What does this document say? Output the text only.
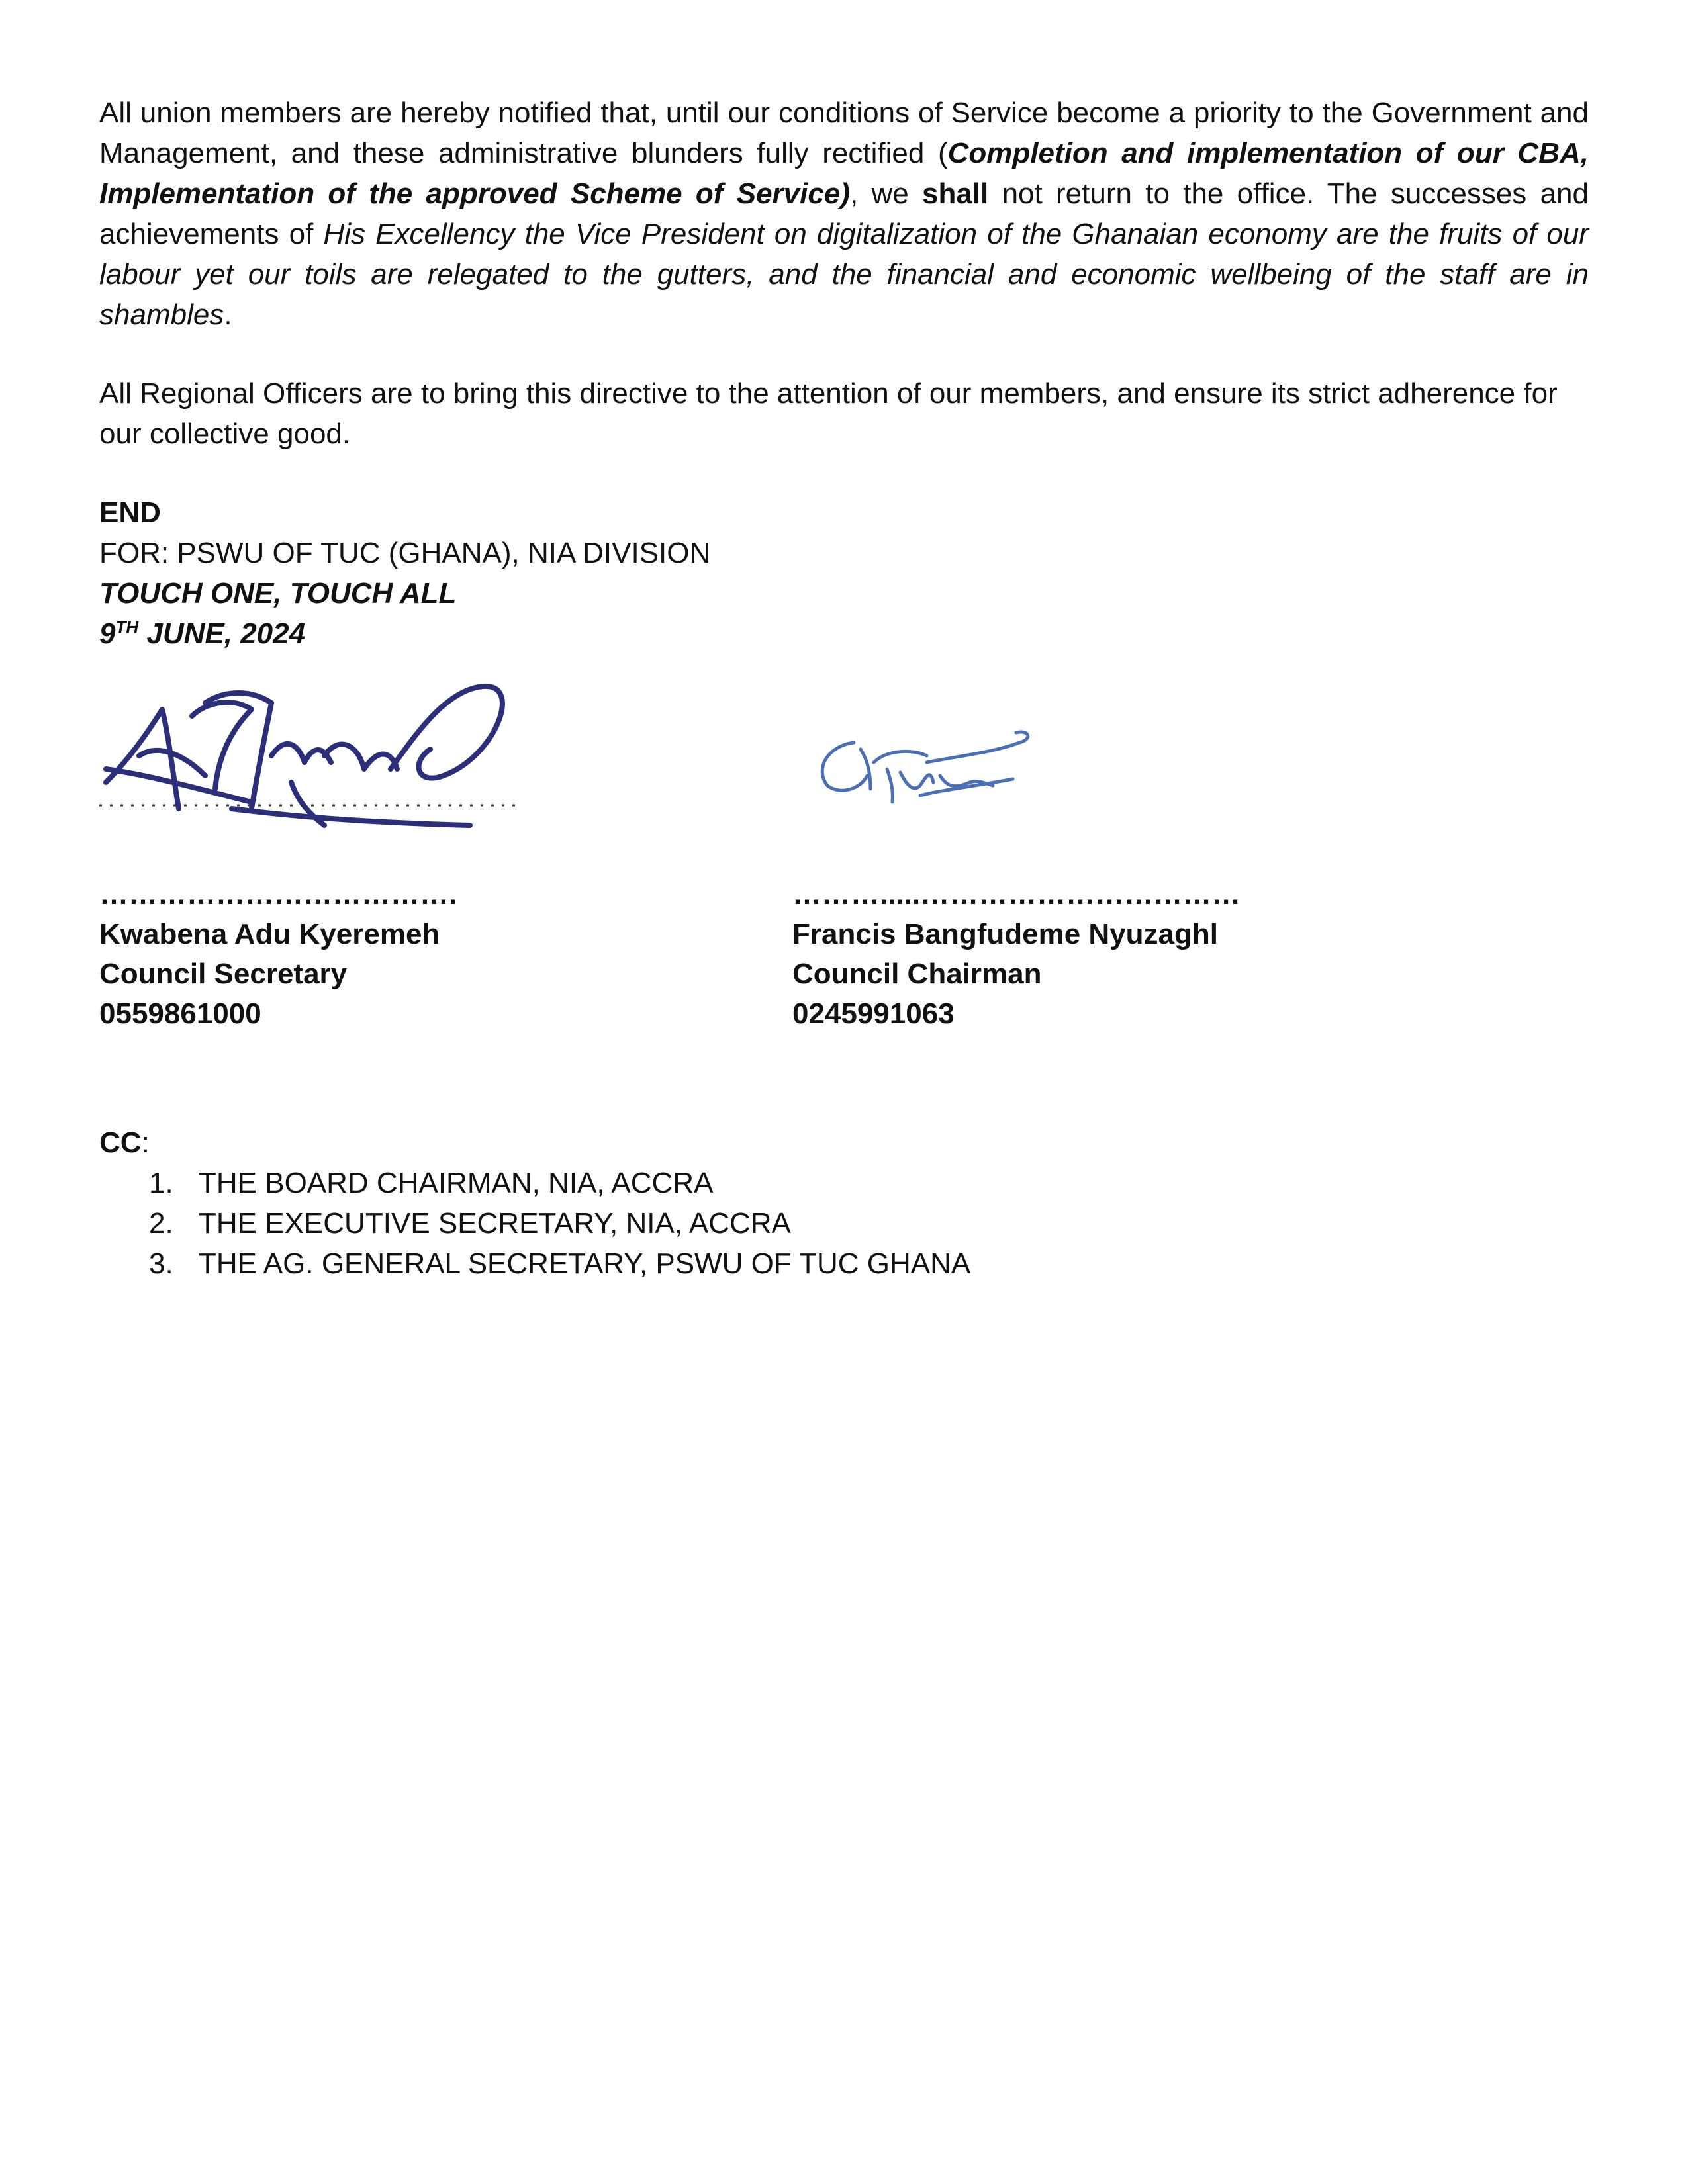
All union members are hereby notified that, until our conditions of Service become a priority to the Government and Management, and these administrative blunders fully rectified (Completion and implementation of our CBA, Implementation of the approved Scheme of Service), we shall not return to the office. The successes and achievements of His Excellency the Vice President on digitalization of the Ghanaian economy are the fruits of our labour yet our toils are relegated to the gutters, and the financial and economic wellbeing of the staff are in shambles.

All Regional Officers are to bring this directive to the attention of our members, and ensure its strict adherence for our collective good.

END
FOR: PSWU OF TUC (GHANA), NIA DIVISION
TOUCH ONE, TOUCH ALL
9TH JUNE, 2024
……………………………….
Kwabena Adu Kyeremeh
Council Secretary
0559861000
……….....……………………………
Francis Bangfudeme Nyuzaghl
Council Chairman
0245991063
CC:
1. THE BOARD CHAIRMAN, NIA, ACCRA
2. THE EXECUTIVE SECRETARY, NIA, ACCRA
3. THE AG. GENERAL SECRETARY, PSWU OF TUC GHANA
